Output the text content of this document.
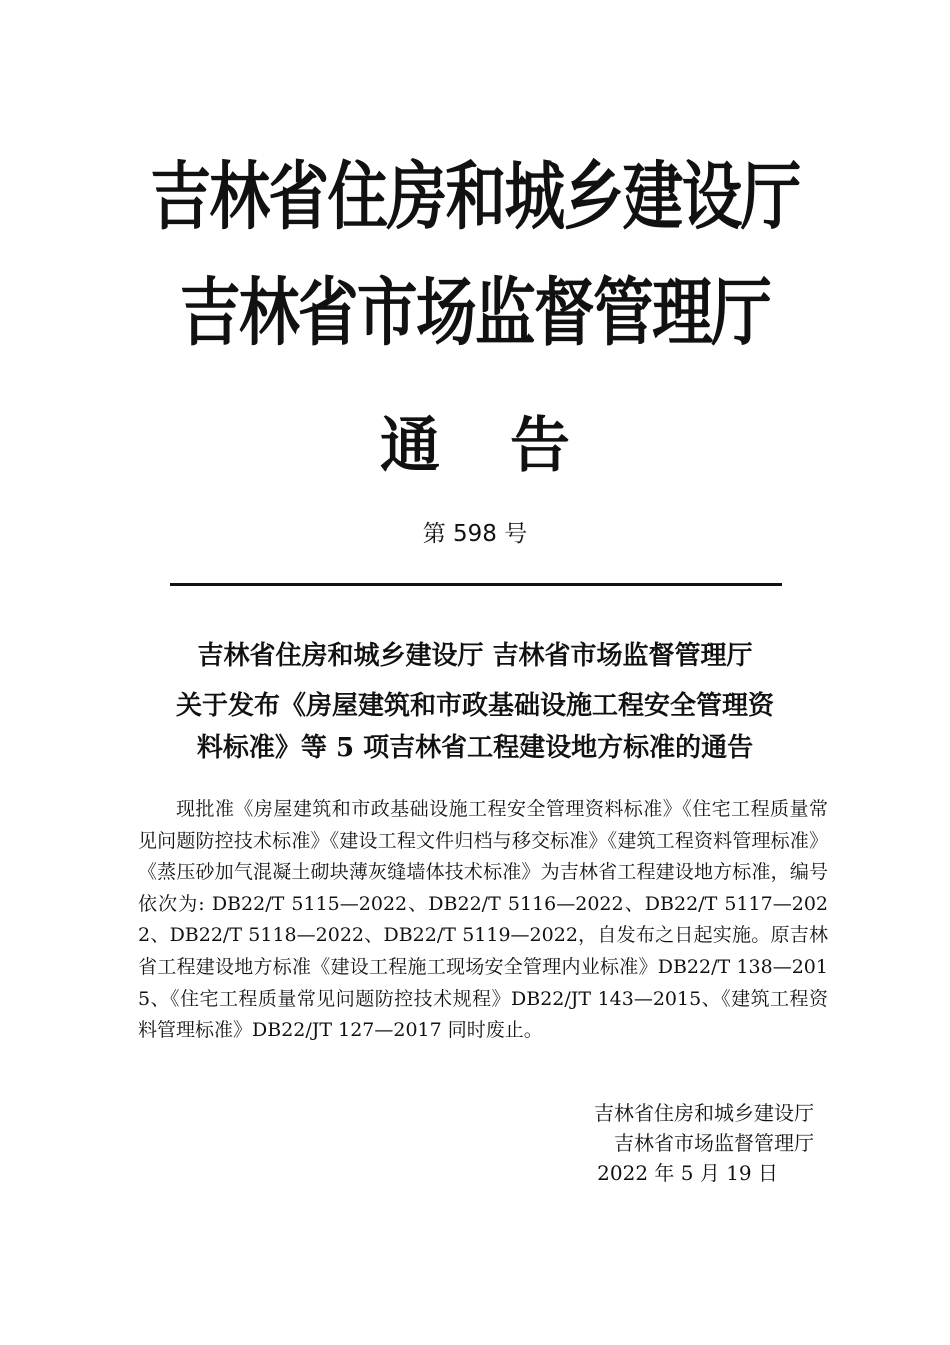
吉林省住房和城乡建设厅
吉林省市场监督管理厅
通告
第 598 号
吉林省住房和城乡建设厅 吉林省市场监督管理厅
关于发布《房屋建筑和市政基础设施工程安全管理资
料标准》等 5 项吉林省工程建设地方标准的通告

现批准《房屋建筑和市政基础设施工程安全管理资料标准》《住宅工程质量常见问题防控技术标准》《建设工程文件归档与移交标准》《建筑工程资料管理标准》《蒸压砂加气混凝土砌块薄灰缝墙体技术标准》为吉林省工程建设地方标准，编号依次为: DB22/T 5115—2022、DB22/T 5116—2022、DB22/T 5117—2022、DB22/T 5118—2022、DB22/T 5119—2022，自发布之日起实施。原吉林省工程建设地方标准《建设工程施工现场安全管理内业标准》DB22/T 138—2015、《住宅工程质量常见问题防控技术规程》DB22/JT 143—2015、《建筑工程资料管理标准》DB22/JT 127—2017 同时废止。

吉林省住房和城乡建设厅
吉林省市场监督管理厅
2022 年 5 月 19 日
